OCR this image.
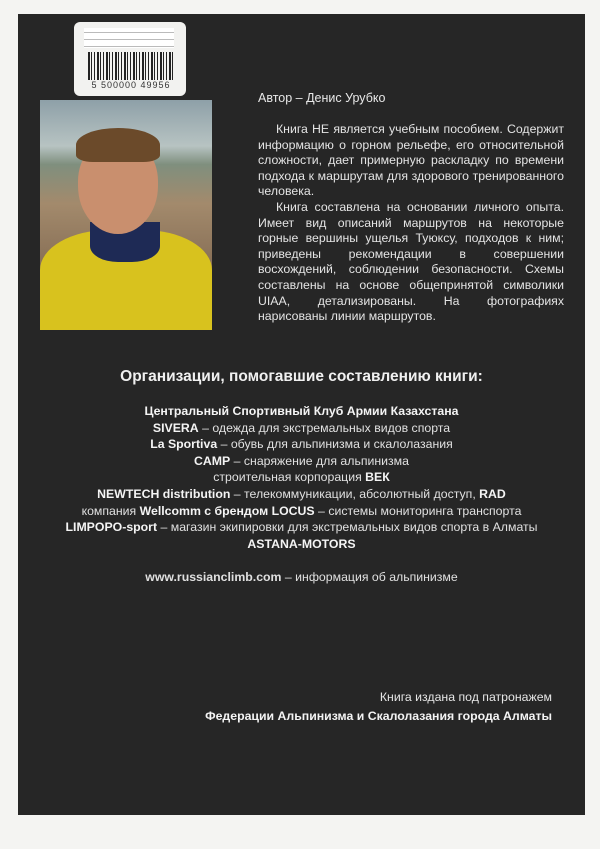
5 500000 49956
Автор – Денис Урубко

Книга НЕ является учебным пособием. Содержит информацию о горном рельефе, его относительной сложности, дает примерную раскладку по времени подхода к маршрутам для здорового тренированного человека.

Книга составлена на основании личного опыта. Имеет вид описаний маршрутов на некоторые горные вершины ущелья Туюксу, подходов к ним; приведены рекомендации в совершении восхождений, соблюдении безопасности. Схемы составлены на основе общепринятой символики UIAA, детализированы. На фотографиях нарисованы линии маршрутов.

Организации, помогавшие составлению книги:
Центральный Спортивный Клуб Армии Казахстана
SIVERA – одежда для экстремальных видов спорта
La Sportiva – обувь для альпинизма и скалолазания
CAMP – снаряжение для альпинизма
строительная корпорация ВЕК
NEWTECH distribution – телекоммуникации, абсолютный доступ, RAD
компания Wellcomm с брендом LOCUS – системы мониторинга транспорта
LIMPOPO-sport – магазин экипировки для экстремальных видов спорта в Алматы
ASTANA-MOTORS
www.russianclimb.com – информация об альпинизме
Книга издана под патронажем
Федерации Альпинизма и Скалолазания города Алматы
